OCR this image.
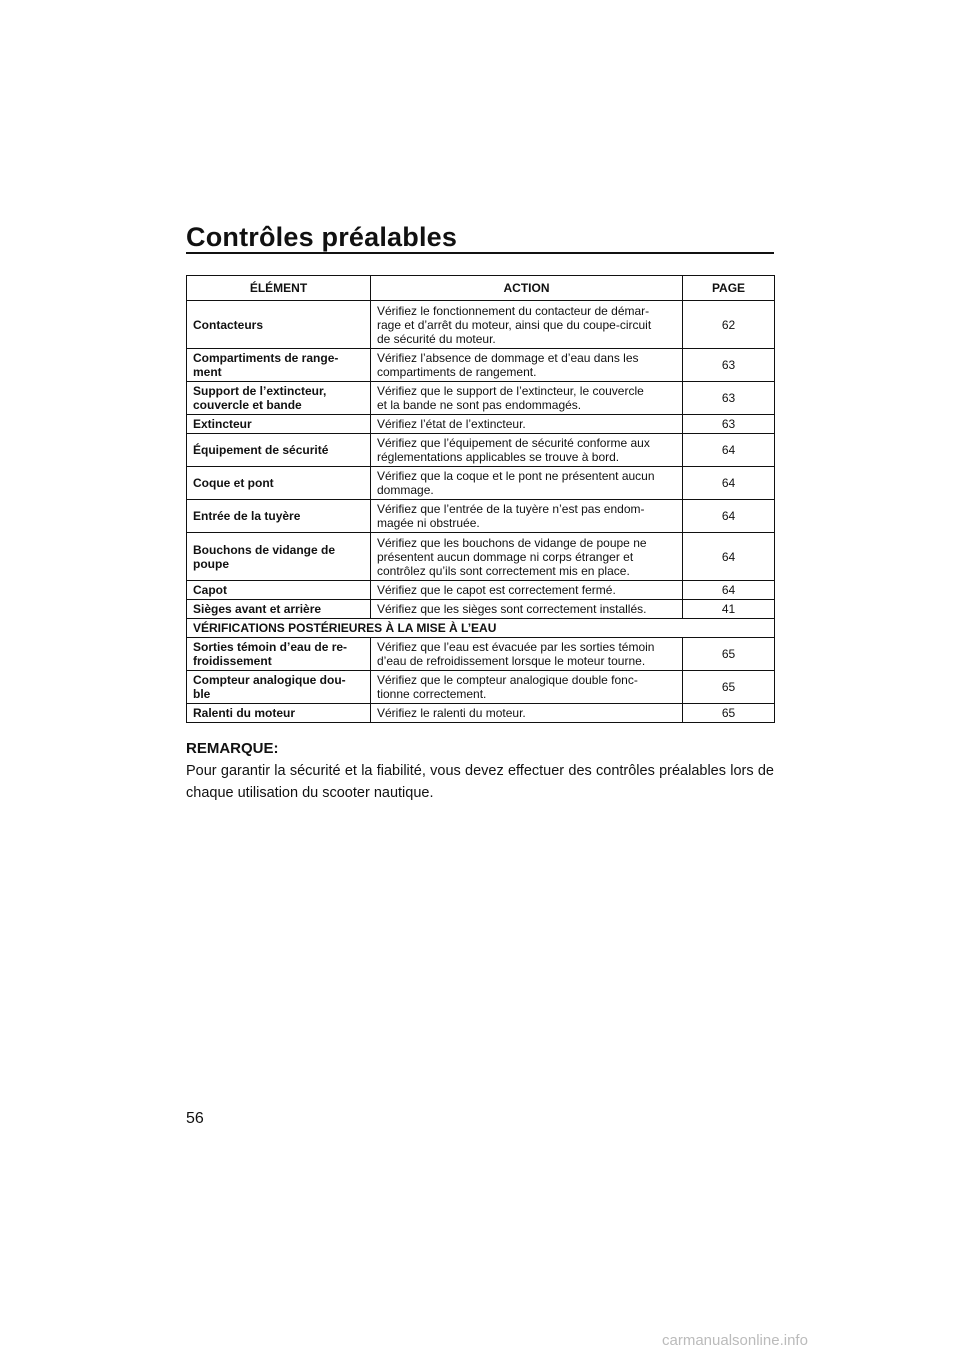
Contrôles préalables
ÉLÉMENT	ACTION	PAGE
Contacteurs	Vérifiez le fonctionnement du contacteur de démar-
rage et d’arrêt du moteur, ainsi que du coupe-circuit
de sécurité du moteur.	62
Compartiments de range-
ment	Vérifiez l’absence de dommage et d’eau dans les
compartiments de rangement.	63
Support de l’extincteur,
couvercle et bande	Vérifiez que le support de l’extincteur, le couvercle
et la bande ne sont pas endommagés.	63
Extincteur	Vérifiez l’état de l’extincteur.	63
Équipement de sécurité	Vérifiez que l’équipement de sécurité conforme aux
réglementations applicables se trouve à bord.	64
Coque et pont	Vérifiez que la coque et le pont ne présentent aucun
dommage.	64
Entrée de la tuyère	Vérifiez que l’entrée de la tuyère n’est pas endom-
magée ni obstruée.	64
Bouchons de vidange de
poupe	Vérifiez que les bouchons de vidange de poupe ne
présentent aucun dommage ni corps étranger et
contrôlez qu’ils sont correctement mis en place.	64
Capot	Vérifiez que le capot est correctement fermé.	64
Sièges avant et arrière	Vérifiez que les sièges sont correctement installés.	41
VÉRIFICATIONS POSTÉRIEURES À LA MISE À L’EAU		
Sorties témoin d’eau de re-
froidissement	Vérifiez que l’eau est évacuée par les sorties témoin
d’eau de refroidissement lorsque le moteur tourne.	65
Compteur analogique dou-
ble	Vérifiez que le compteur analogique double fonc-
tionne correctement.	65
Ralenti du moteur	Vérifiez le ralenti du moteur.	65
REMARQUE:

Pour garantir la sécurité et la fiabilité, vous devez effectuer des contrôles préalables lors de chaque utilisation du scooter nautique.

56
carmanualsonline.info
